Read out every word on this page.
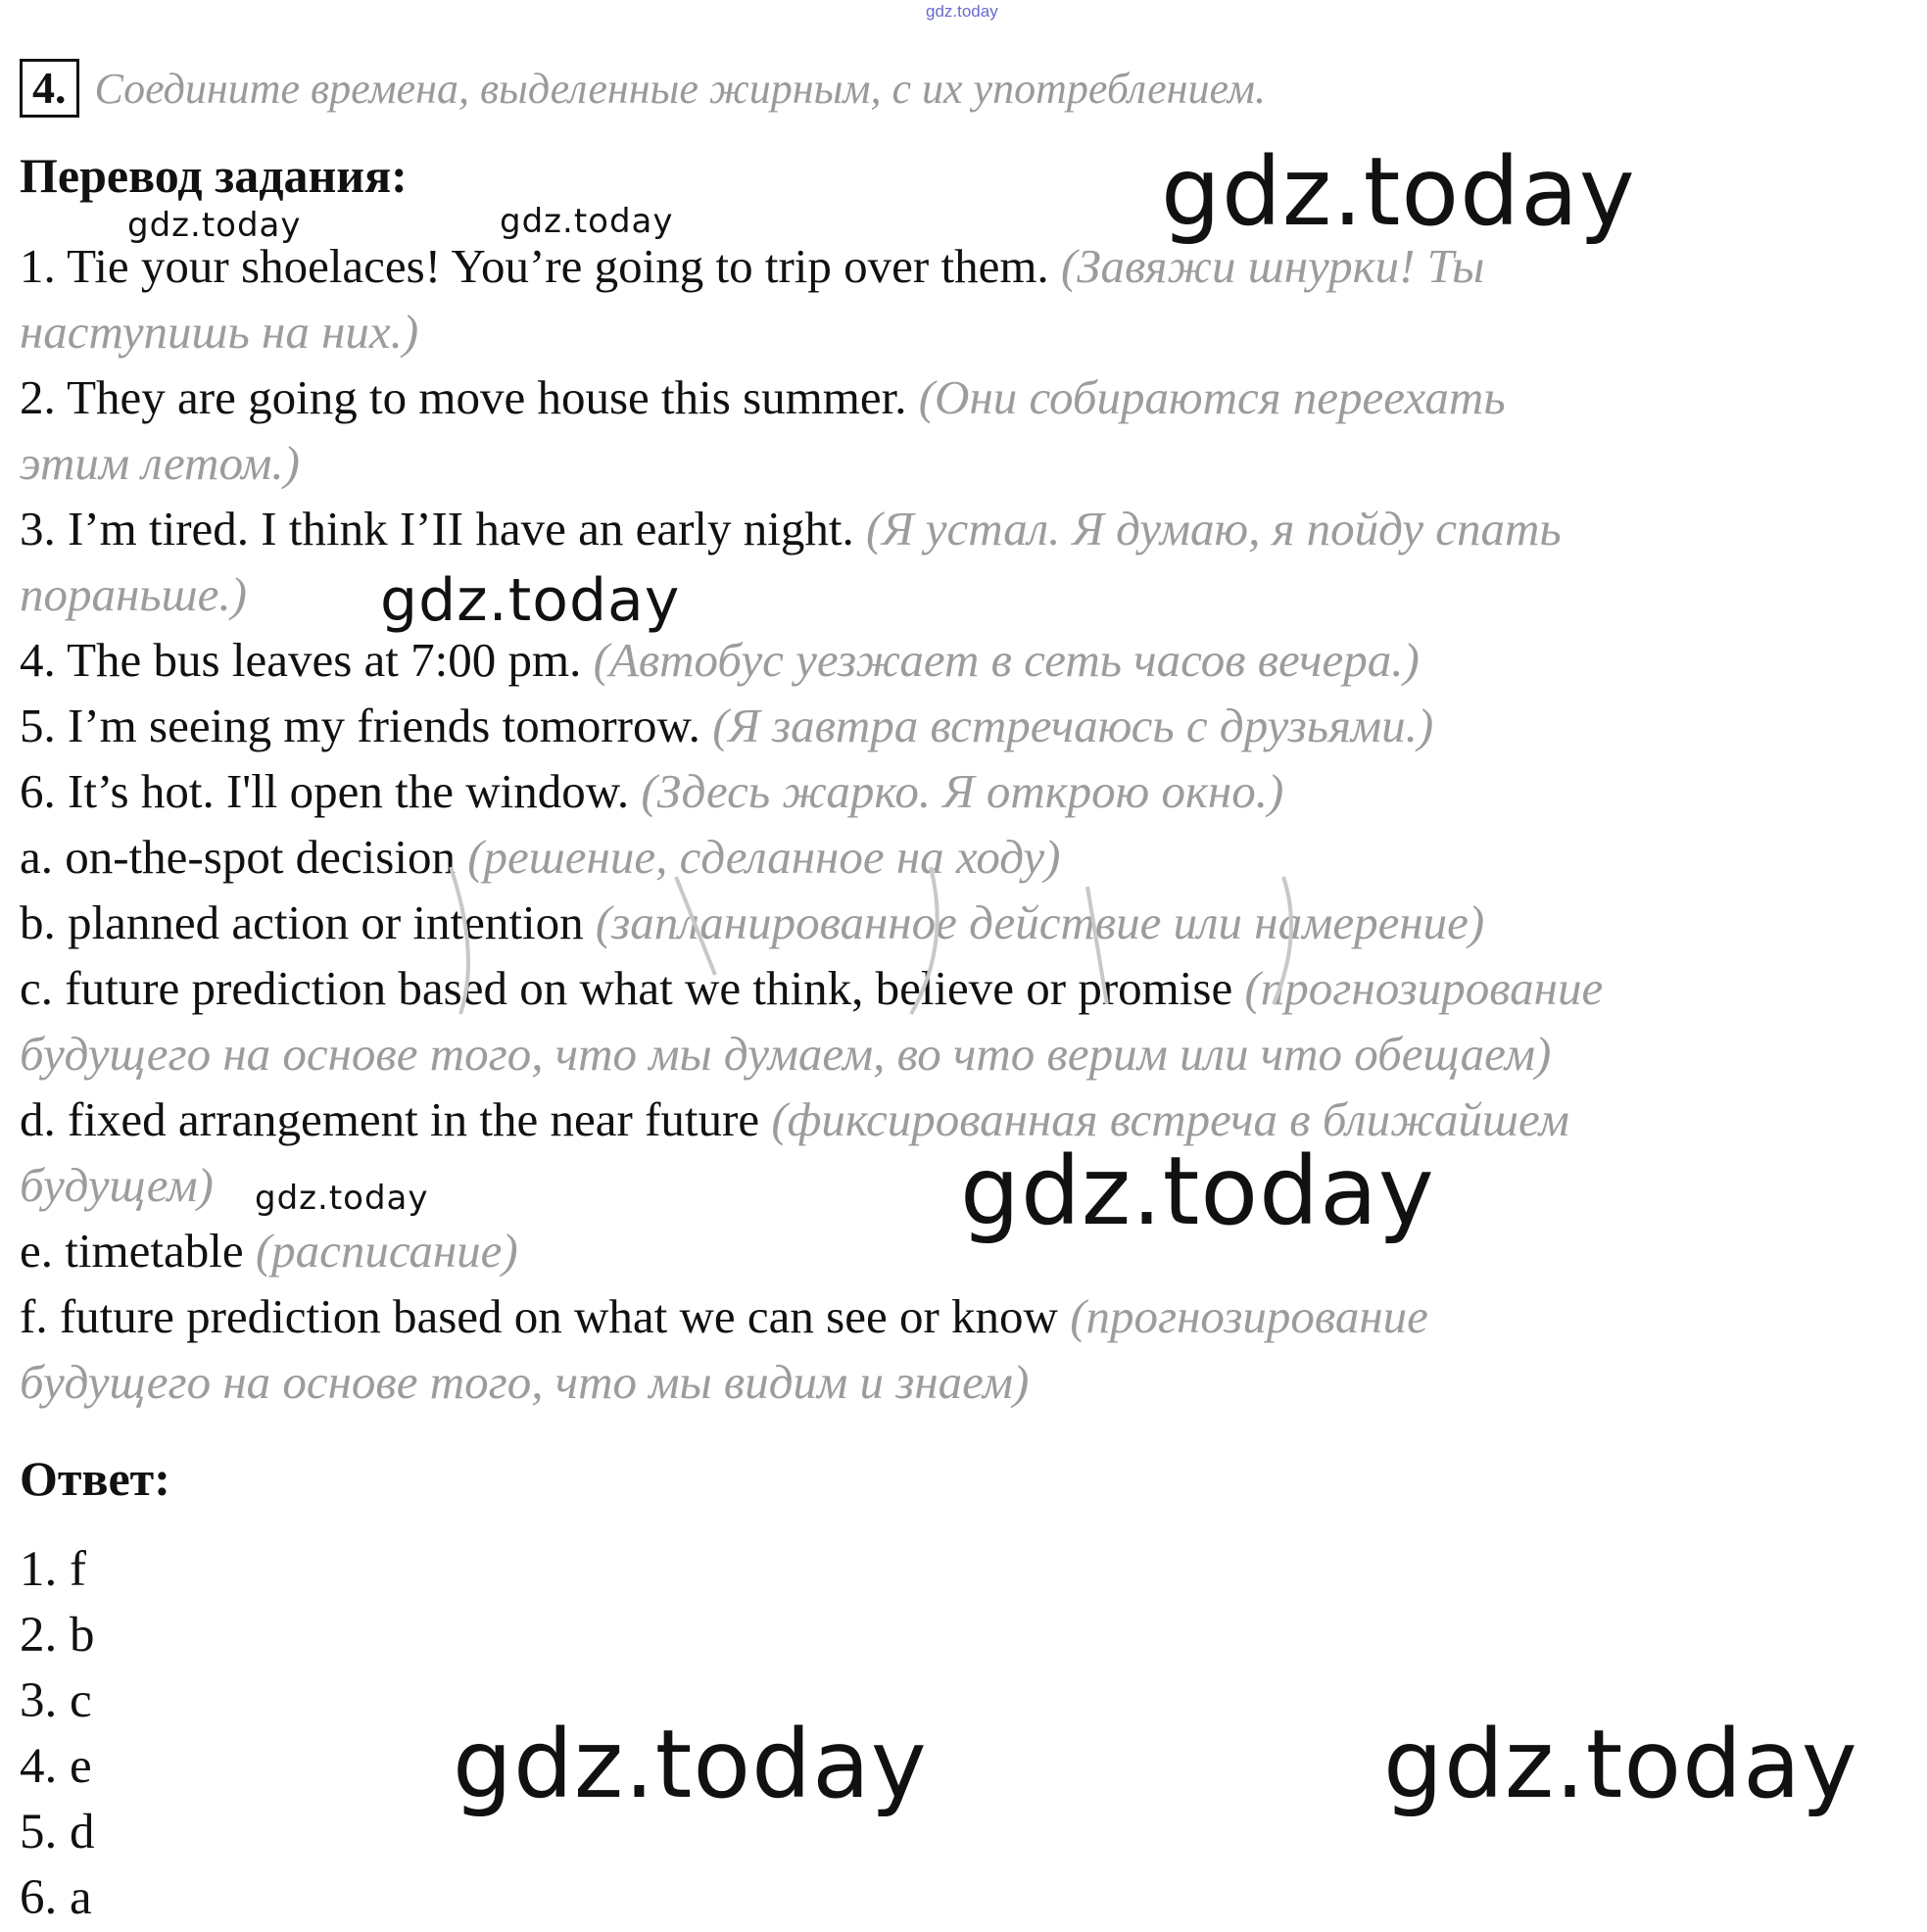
gdz.today
4. Соедините времена, выделенные жирным, с их употреблением.
Перевод задания:
1. Tie your shoelaces! You’re going to trip over them. (Завяжи шнурки! Ты
наступишь на них.)
2. They are going to move house this summer. (Они собираются переехать
этим летом.)
3. I’m tired. I think I’II have an early night. (Я устал. Я думаю, я пойду спать
пораньше.)
4. The bus leaves at 7:00 pm. (Автобус уезжает в сеть часов вечера.)
5. I’m seeing my friends tomorrow. (Я завтра встречаюсь с друзьями.)
6. It’s hot. I'll open the window. (Здесь жарко. Я открою окно.)
a. on-the-spot decision (решение, сделанное на ходу)
b. planned action or intention (запланированное действие или намерение)
c. future prediction based on what we think, believe or promise (прогнозирование
будущего на основе того, что мы думаем, во что верим или что обещаем)
d. fixed arrangement in the near future (фиксированная встреча в ближайшем
будущем)
e. timetable (расписание)
f. future prediction based on what we can see or know (прогнозирование
будущего на основе того, что мы видим и знаем)
Ответ:
1. f
2. b
3. c
4. e
5. d
6. a
gdz.today
gdz.today
gdz.today	gdz.today
gdz.today	gdz.today
gdz.today	gdz.today
